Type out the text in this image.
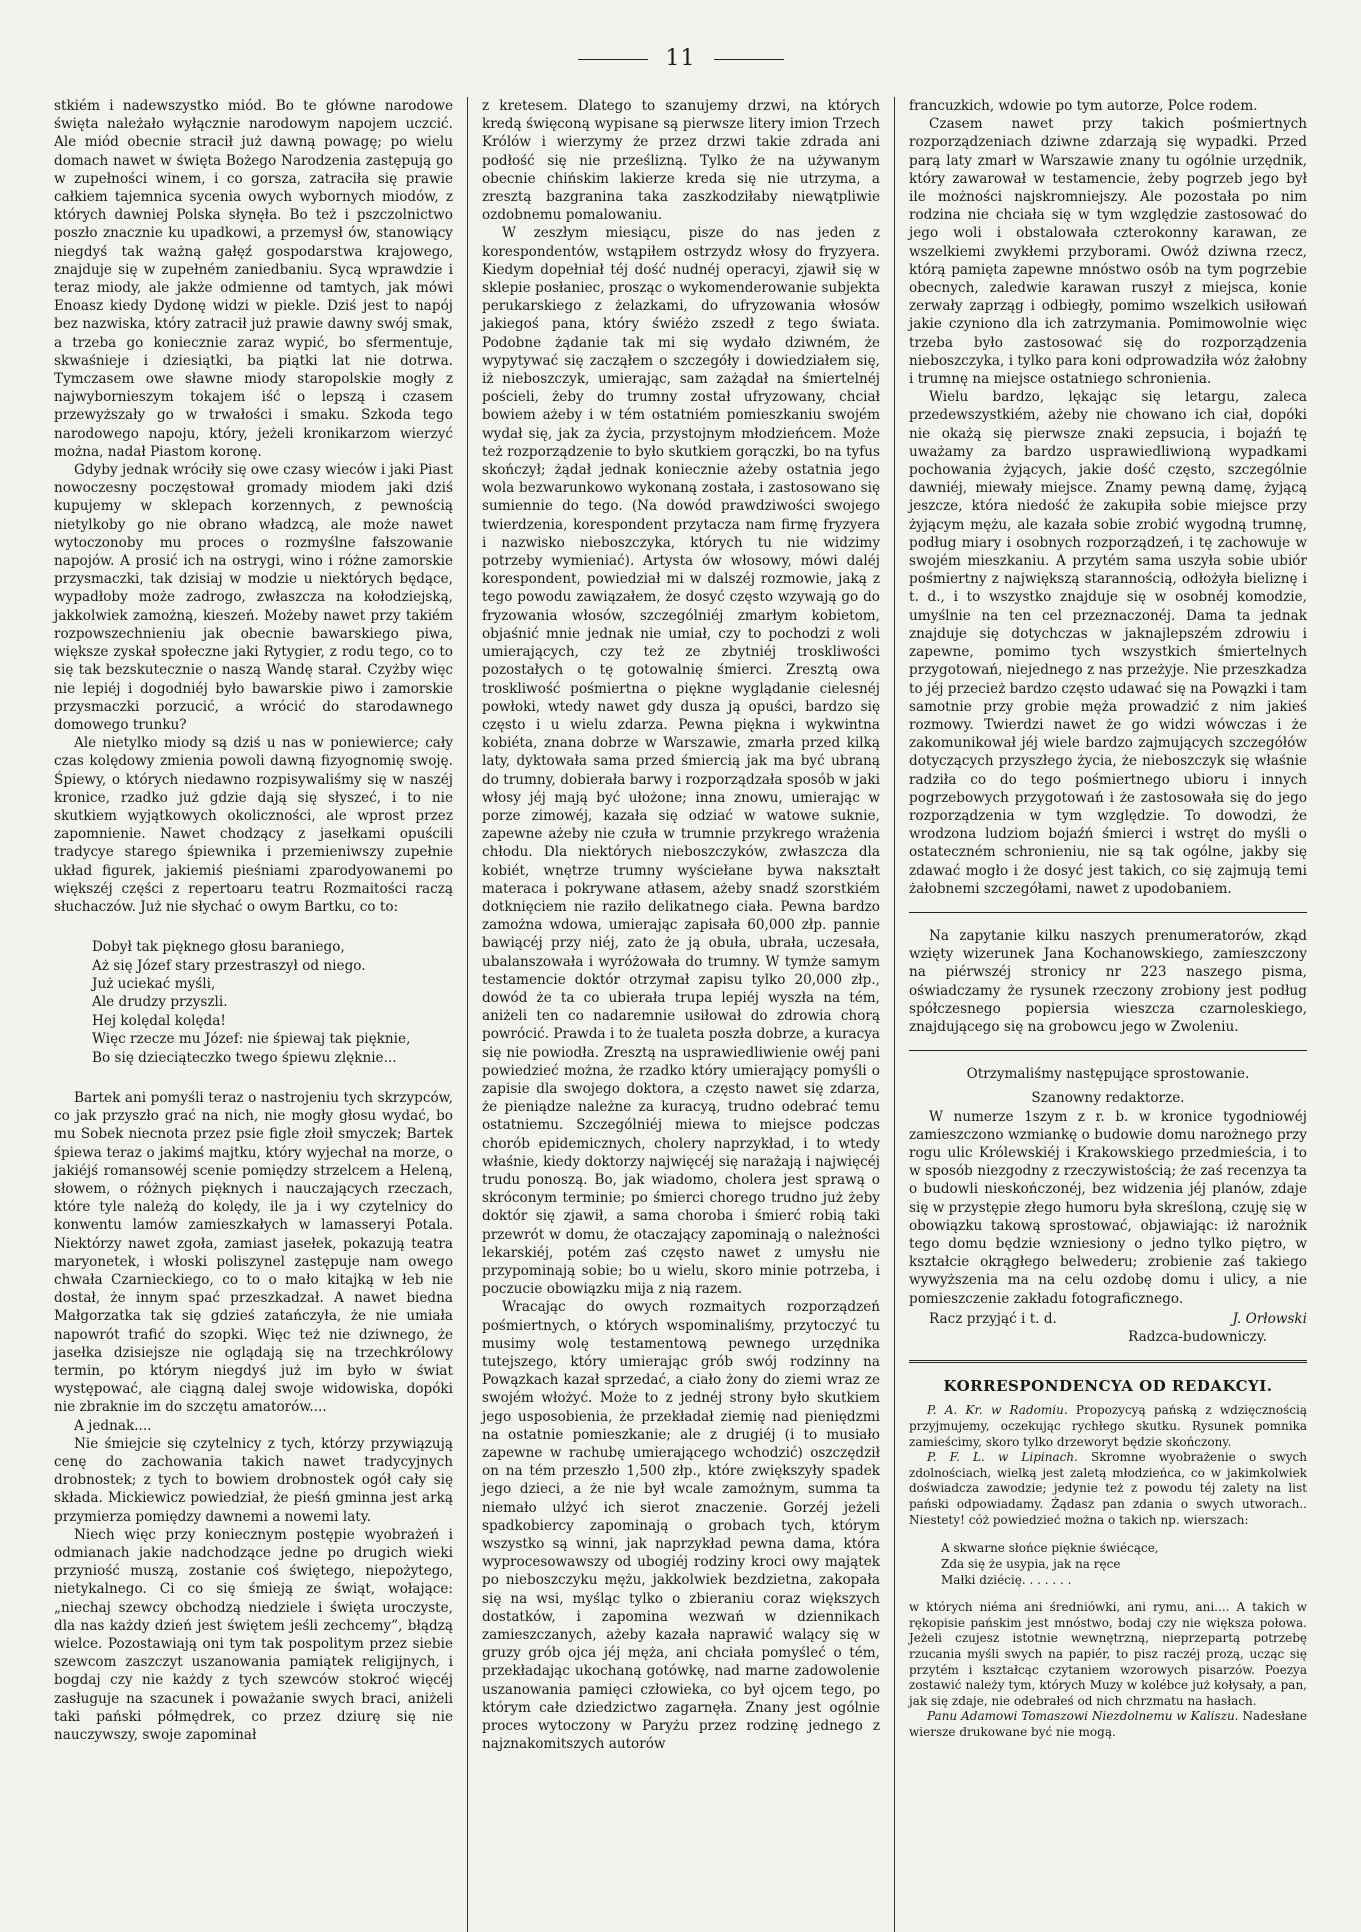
11

stkiém i nadewszystko miód. Bo te główne narodowe święta należało wyłącznie narodowym napojem uczcić. Ale miód obecnie stracił już dawną powagę; po wielu domach nawet w święta Bożego Narodzenia zastępują go w zupełności winem, i co gorsza, zatraciła się prawie całkiem tajemnica sycenia owych wybornych miodów, z których dawniej Polska słynęła. Bo też i pszczolnictwo poszło znacznie ku upadkowi, a przemysł ów, stanowiący niegdyś tak ważną gałęź gospodarstwa krajowego, znajduje się w zupełném zaniedbaniu. Sycą wprawdzie i teraz miody, ale jakże odmienne od tamtych, jak mówi Enoasz kiedy Dydonę widzi w piekle. Dziś jest to napój bez nazwiska, który zatracił już prawie dawny swój smak, a trzeba go koniecznie zaraz wypić, bo sfermentuje, skwaśnieje i dziesiątki, ba piątki lat nie dotrwa. Tymczasem owe sławne miody staropolskie mogły z najwybornieszym tokajem iść o lepszą i czasem przewyższały go w trwałości i smaku. Szkoda tego narodowego napoju, który, jeżeli kronikarzom wierzyć można, nadał Piastom koronę.

Gdyby jednak wróciły się owe czasy wieców i jaki Piast nowoczesny poczęstował gromady miodem jaki dziś kupujemy w sklepach korzennych, z pewnością nietylkoby go nie obrano władzcą, ale może nawet wytoczonoby mu proces o rozmyślne fałszowanie napojów. A prosić ich na ostrygi, wino i różne zamorskie przysmaczki, tak dzisiaj w modzie u niektórych będące, wypadłoby może zadrogo, zwłaszcza na kołodziejską, jakkolwiek zamożną, kieszeń. Możeby nawet przy takiém rozpowszechnieniu jak obecnie bawarskiego piwa, większe zyskał społeczne jaki Rytygier, z rodu tego, co to się tak bezskutecznie o naszą Wandę starał. Czyżby więc nie lepiéj i dogodniéj było bawarskie piwo i zamorskie przysmaczki porzucić, a wrócić do starodawnego domowego trunku?

Ale nietylko miody są dziś u nas w poniewierce; cały czas kolędowy zmienia powoli dawną fizyognomię swoję. Śpiewy, o których niedawno rozpisywaliśmy się w naszéj kronice, rzadko już gdzie dają się słyszeć, i to nie skutkiem wyjątkowych okoliczności, ale wprost przez zapomnienie. Nawet chodzący z jasełkami opuścili tradycye starego śpiewnika i przemieniwszy zupełnie układ figurek, jakiemiś pieśniami zparodyowanemi po większéj części z repertoaru teatru Rozmaitości raczą słuchaczów. Już nie słychać o owym Bartku, co to:

Dobył tak pięknego głosu baraniego,
Aż się Józef stary przestraszył od niego.
Już uciekać myśli,
Ale drudzy przyszli.
Hej kolędal kolęda!
Więc rzecze mu Józef: nie śpiewaj tak pięknie,
Bo się dzieciąteczko twego śpiewu zlęknie...

Bartek ani pomyśli teraz o nastrojeniu tych skrzypców, co jak przyszło grać na nich, nie mogły głosu wydać, bo mu Sobek niecnota przez psie figle złoił smyczek; Bartek śpiewa teraz o jakimś majtku, który wyjechał na morze, o jakiéjś romansowéj scenie pomiędzy strzelcem a Heleną, słowem, o różnych pięknych i nauczających rzeczach, które tyle należą do kolędy, ile ja i wy czytelnicy do konwentu lamów zamieszkałych w lamasseryi Potala. Niektórzy nawet zgoła, zamiast jasełek, pokazują teatra maryonetek, i włoski poliszynel zastępuje nam owego chwała Czarnieckiego, co to o mało kitajką w łeb nie dostał, że innym spać przeszkadzał. A nawet biedna Małgorzatka tak się gdzieś zatańczyła, że nie umiała napowrót trafić do szopki. Więc też nie dziwnego, że jasełka dzisiejsze nie oglądają się na trzechkrólowy termin, po którym niegdyś już im było w świat występować, ale ciągną dalej swoje widowiska, dopóki nie zbraknie im do szczętu amatorów....

A jednak....

Nie śmiejcie się czytelnicy z tych, którzy przywiązują cenę do zachowania takich nawet tradycyjnych drobnostek; z tych to bowiem drobnostek ogół cały się składa. Mickiewicz powiedział, że pieśń gminna jest arką przymierza pomiędzy dawnemi a nowemi laty.

Niech więc przy koniecznym postępie wyobrażeń i odmianach jakie nadchodzące jedne po drugich wieki przyniość muszą, zostanie coś świętego, niepożytego, nietykalnego. Ci co się śmieją ze świąt, wołające: „niechaj szewcy obchodzą niedziele i święta uroczyste, dla nas każdy dzień jest świętem jeśli zechcemy”, błądzą wielce. Pozostawiają oni tym tak pospolitym przez siebie szewcom zaszczyt uszanowania pamiątek religijnych, i bogdaj czy nie każdy z tych szewców stokroć więcéj zasługuje na szacunek i poważanie swych braci, aniżeli taki pański półmędrek, co przez dziurę się nie nauczywszy, swoje zapominał

z kretesem. Dlatego to szanujemy drzwi, na których kredą święconą wypisane są pierwsze litery imion Trzech Królów i wierzymy że przez drzwi takie zdrada ani podłość się nie prześlizną. Tylko że na używanym obecnie chińskim lakierze kreda się nie utrzyma, a zresztą bazgranina taka zaszkodziłaby niewątpliwie ozdobnemu pomalowaniu.

W zeszłym miesiącu, pisze do nas jeden z korespondentów, wstąpiłem ostrzydz włosy do fryzyera. Kiedym dopełniał téj dość nudnéj operacyi, zjawił się w sklepie posłaniec, prosząc o wykomenderowanie subjekta perukarskiego z żelazkami, do ufryzowania włosów jakiegoś pana, który świéżo zszedł z tego świata. Podobne żądanie tak mi się wydało dziwném, że wypytywać się zacząłem o szczegóły i dowiedziałem się, iż nieboszczyk, umierając, sam zażądał na śmiertelnéj pościeli, żeby do trumny został ufryzowany, chciał bowiem ażeby i w tém ostatniém pomieszkaniu swojém wydał się, jak za życia, przystojnym młodzieńcem. Może też rozporządzenie to było skutkiem gorączki, bo na tyfus skończył; żądał jednak koniecznie ażeby ostatnia jego wola bezwarunkowo wykonaną została, i zastosowano się sumiennie do tego. (Na dowód prawdziwości swojego twierdzenia, korespondent przytacza nam firmę fryzyera i nazwisko nieboszczyka, których tu nie widzimy potrzeby wymieniać). Artysta ów włosowy, mówi daléj korespondent, powiedział mi w dalszéj rozmowie, jaką z tego powodu zawiązałem, że dosyć często wzywają go do fryzowania włosów, szczególniéj zmarłym kobietom, objaśnić mnie jednak nie umiał, czy to pochodzi z woli umierających, czy też ze zbytniéj troskliwości pozostałych o tę gotowalnię śmierci. Zresztą owa troskliwość pośmiertna o piękne wyglądanie cielesnéj powłoki, wtedy nawet gdy dusza ją opuści, bardzo się często i u wielu zdarza. Pewna piękna i wykwintna kobiéta, znana dobrze w Warszawie, zmarła przed kilką laty, dyktowała sama przed śmiercią jak ma być ubraną do trumny, dobierała barwy i rozporządzała sposób w jaki włosy jéj mają być ułożone; inna znowu, umierając w porze zimowéj, kazała się odziać w watowe suknie, zapewne ażeby nie czuła w trumnie przykrego wrażenia chłodu. Dla niektórych nieboszczyków, zwłaszcza dla kobiét, wnętrze trumny wyściełane bywa nakształt materaca i pokrywane atłasem, ażeby snadź szorstkiém dotknięciem nie raziło delikatnego ciała. Pewna bardzo zamożna wdowa, umierając zapisała 60,000 złp. pannie bawiącéj przy niéj, zato że ją obuła, ubrała, uczesała, ubalanszowała i wyróżowała do trumny. W tymże samym testamencie doktór otrzymał zapisu tylko 20,000 złp., dowód że ta co ubierała trupa lepiéj wyszła na tém, aniżeli ten co nadaremnie usiłował do zdrowia chorą powrócić. Prawda i to że tualeta poszła dobrze, a kuracya się nie powiodła. Zresztą na usprawiedliwienie owéj pani powiedzieć można, że rzadko który umierający pomyśli o zapisie dla swojego doktora, a często nawet się zdarza, że pieniądze należne za kuracyą, trudno odebrać temu ostatniemu. Szczególniéj miewa to miejsce podczas chorób epidemicznych, cholery naprzykład, i to wtedy właśnie, kiedy doktorzy najwięcéj się narażają i najwięcéj trudu ponoszą. Bo, jak wiadomo, cholera jest sprawą o skróconym terminie; po śmierci chorego trudno już żeby doktór się zjawił, a sama choroba i śmierć robią taki przewrót w domu, że otaczający zapominają o należności lekarskiéj, potém zaś często nawet z umysłu nie przypominają sobie; bo u wielu, skoro minie potrzeba, i poczucie obowiązku mija z nią razem.

Wracając do owych rozmaitych rozporządzeń pośmiertnych, o których wspominaliśmy, przytoczyć tu musimy wolę testamentową pewnego urzędnika tutejszego, który umierając grób swój rodzinny na Powązkach kazał sprzedać, a ciało żony do ziemi wraz ze swojém włożyć. Może to z jednéj strony było skutkiem jego usposobienia, że przekładał ziemię nad pieniędzmi na ostatnie pomieszkanie; ale z drugiéj (i to musiało zapewne w rachubę umierającego wchodzić) oszczędził on na tém przeszło 1,500 złp., które zwiększyły spadek jego dzieci, a że nie był wcale zamożnym, summa ta niemało ulżyć ich sierot znaczenie. Gorzéj jeżeli spadkobiercy zapominają o grobach tych, którym wszystko są winni, jak naprzykład pewna dama, która wyprocesowawszy od ubogiéj rodziny kroci owy majątek po nieboszczyku mężu, jakkolwiek bezdzietna, zakopała się na wsi, myśląc tylko o zbieraniu coraz większych dostatków, i zapomina wezwań w dziennikach zamieszczanych, ażeby kazała naprawić walący się w gruzy grób ojca jéj męża, ani chciała pomyśleć o tém, przekładając ukochaną gotówkę, nad marne zadowolenie uszanowania pamięci człowieka, co był ojcem tego, po którym całe dziedzictwo zagarnęła. Znany jest ogólnie proces wytoczony w Paryżu przez rodzinę jednego z najznakomitszych autorów

francuzkich, wdowie po tym autorze, Polce rodem.

Czasem nawet przy takich pośmiertnych rozporządzeniach dziwne zdarzają się wypadki. Przed parą laty zmarł w Warszawie znany tu ogólnie urzędnik, który zawarował w testamencie, żeby pogrzeb jego był ile możności najskromniejszy. Ale pozostała po nim rodzina nie chciała się w tym względzie zastosować do jego woli i obstalowała czterokonny karawan, ze wszelkiemi zwykłemi przyborami. Owóż dziwna rzecz, którą pamięta zapewne mnóstwo osób na tym pogrzebie obecnych, zaledwie karawan ruszył z miejsca, konie zerwały zaprząg i odbiegły, pomimo wszelkich usiłowań jakie czyniono dla ich zatrzymania. Pomimowolnie więc trzeba było zastosować się do rozporządzenia nieboszczyka, i tylko para koni odprowadziła wóz żałobny i trumnę na miejsce ostatniego schronienia.

Wielu bardzo, lękając się letargu, zaleca przedewszystkiém, ażeby nie chowano ich ciał, dopóki nie okażą się pierwsze znaki zepsucia, i bojaźń tę uważamy za bardzo usprawiedliwioną wypadkami pochowania żyjących, jakie dość często, szczególnie dawniéj, miewały miejsce. Znamy pewną damę, żyjącą jeszcze, która niedość że zakupiła sobie miejsce przy żyjącym mężu, ale kazała sobie zrobić wygodną trumnę, podług miary i osobnych rozporządzeń, i tę zachowuje w swojém mieszkaniu. A przytém sama uszyła sobie ubiór pośmiertny z największą starannością, odłożyła bieliznę i t. d., i to wszystko znajduje się w osobnéj komodzie, umyślnie na ten cel przeznaczonéj. Dama ta jednak znajduje się dotychczas w jaknajlepszém zdrowiu i zapewne, pomimo tych wszystkich śmiertelnych przygotowań, niejednego z nas przeżyje. Nie przeszkadza to jéj przecież bardzo często udawać się na Powązki i tam samotnie przy grobie męża prowadzić z nim jakieś rozmowy. Twierdzi nawet że go widzi wówczas i że zakomunikował jéj wiele bardzo zajmujących szczegółów dotyczących przyszłego życia, że nieboszczyk się właśnie radziła co do tego pośmiertnego ubioru i innych pogrzebowych przygotowań i że zastosowała się do jego rozporządzenia w tym względzie. To dowodzi, że wrodzona ludziom bojaźń śmierci i wstręt do myśli o ostateczném schronieniu, nie są tak ogólne, jakby się zdawać mogło i że dosyć jest takich, co się zajmują temi żałobnemi szczegółami, nawet z upodobaniem.

Na zapytanie kilku naszych prenumeratorów, zkąd wzięty wizerunek Jana Kochanowskiego, zamieszczony na piérwszéj stronicy nr 223 naszego pisma, oświadczamy że rysunek rzeczony zrobiony jest podług spółczesnego popiersia wieszcza czarnoleskiego, znajdującego się na grobowcu jego w Zwoleniu.

Otrzymaliśmy następujące sprostowanie.
Szanowny redaktorze.

W numerze 1szym z r. b. w kronice tygodniowéj zamieszczono wzmiankę o budowie domu narożnego przy rogu ulic Królewskiéj i Krakowskiego przedmieścia, i to w sposób niezgodny z rzeczywistością; że zaś recenzya ta o budowli nieskończonéj, bez widzenia jéj planów, zdaje się w przystępie złego humoru była skreśloną, czuję się w obowiązku takową sprostować, objawiając: iż narożnik tego domu będzie wzniesiony o jedno tylko piętro, w kształcie okrągłego belwederu; zrobienie zaś takiego wywyższenia ma na celu ozdobę domu i ulicy, a nie pomieszczenie zakładu fotograficznego.

Racz przyjąć i t. d.	J. Orłowski
Radzca-budowniczy.
KORRESPONDENCYA OD REDAKCYI.

P. A. Kr. w Radomiu. Propozycyą pańską z wdzięcznością przyjmujemy, oczekując rychłego skutku. Rysunek pomnika zamieścimy, skoro tylko drzeworyt będzie skończony.

P. F. L. w Lipinach. Skromne wyobrażenie o swych zdolnościach, wielką jest zaletą młodzieńca, co w jakimkolwiek doświadcza zawodzie; jedynie też z powodu téj zalety na list pański odpowiadamy. Żądasz pan zdania o swych utworach.. Niestety! cóż powiedzieć można o takich np. wierszach:

A skwarne słońce pięknie świécące,
Zda się że usypia, jak na ręce
Małki dziécię. . . . . . .

w których niéma ani średniówki, ani rymu, ani.... A takich w rękopisie pańskim jest mnóstwo, bodaj czy nie większa połowa. Jeżeli czujesz istotnie wewnętrzną, nieprzepartą potrzebę rzucania myśli swych na papiér, to pisz raczéj prozą, ucząc się przytém i kształcąc czytaniem wzorowych pisarzów. Poezya zostawić należy tym, których Muzy w kolébce już kołysały, a pan, jak się zdaje, nie odebrałeś od nich chrzmatu na hasłach.

Panu Adamowi Tomaszowi Niezdolnemu w Kaliszu. Nadesłane wiersze drukowane być nie mogą.
